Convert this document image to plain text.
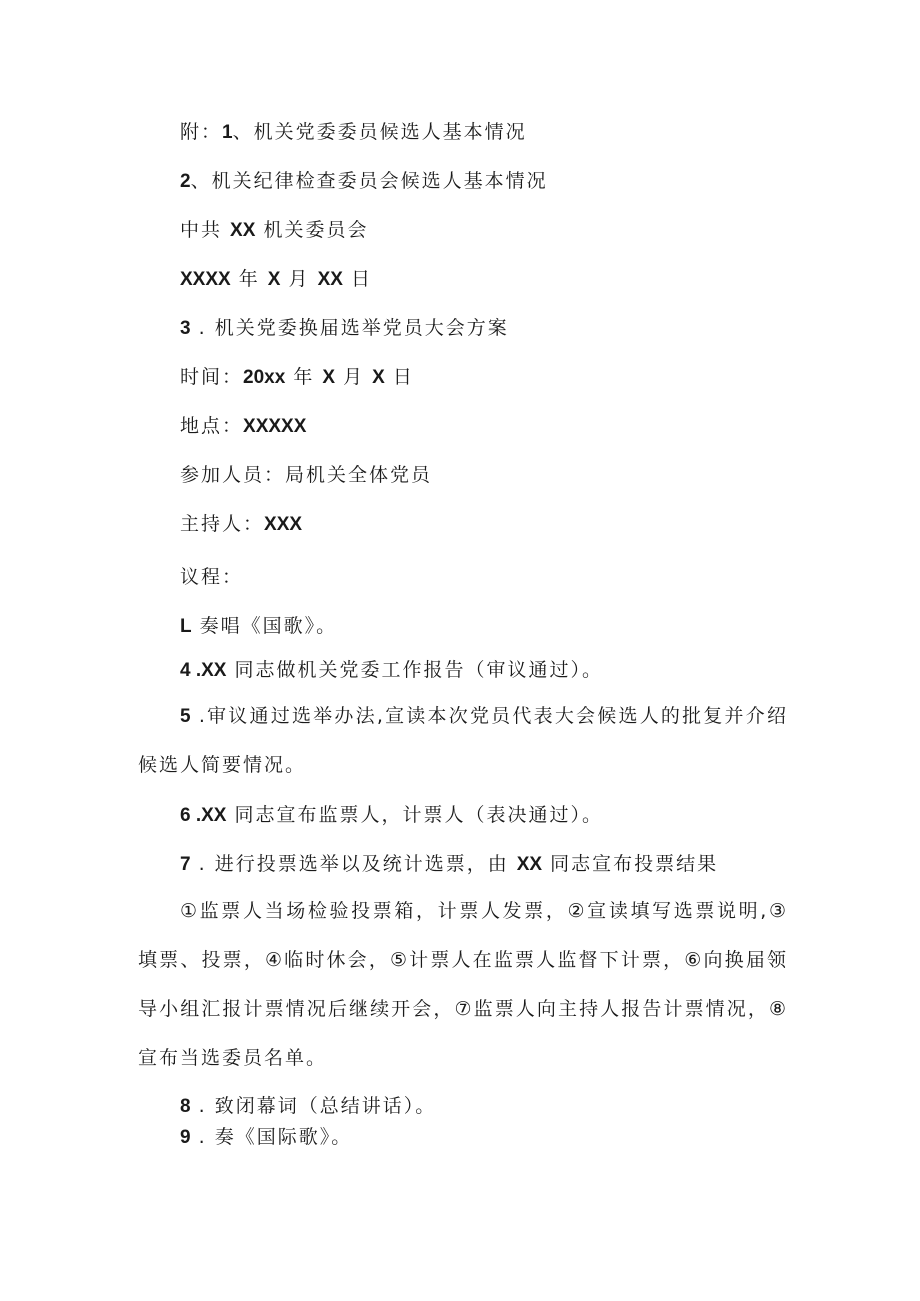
附：1、机关党委委员候选人基本情况
2、机关纪律检查委员会候选人基本情况
中共 XX 机关委员会
XXXX 年 X 月 XX 日
3 . 机关党委换届选举党员大会方案
时间：20xx 年 X 月 X 日
地点：XXXXX
参加人员：局机关全体党员
主持人：XXX
议程：
L 奏唱《国歌》。
4 .XX 同志做机关党委工作报告（审议通过）。
5 .审议通过选举办法,宣读本次党员代表大会候选人的批复并介绍候选人简要情况。
6 .XX 同志宣布监票人，计票人（表决通过）。
7 . 进行投票选举以及统计选票，由 XX 同志宣布投票结果
①监票人当场检验投票箱，计票人发票，②宣读填写选票说明,③填票、投票，④临时休会，⑤计票人在监票人监督下计票，⑥向换届领导小组汇报计票情况后继续开会，⑦监票人向主持人报告计票情况，⑧宣布当选委员名单。
8 . 致闭幕词（总结讲话）。
9 . 奏《国际歌》。
